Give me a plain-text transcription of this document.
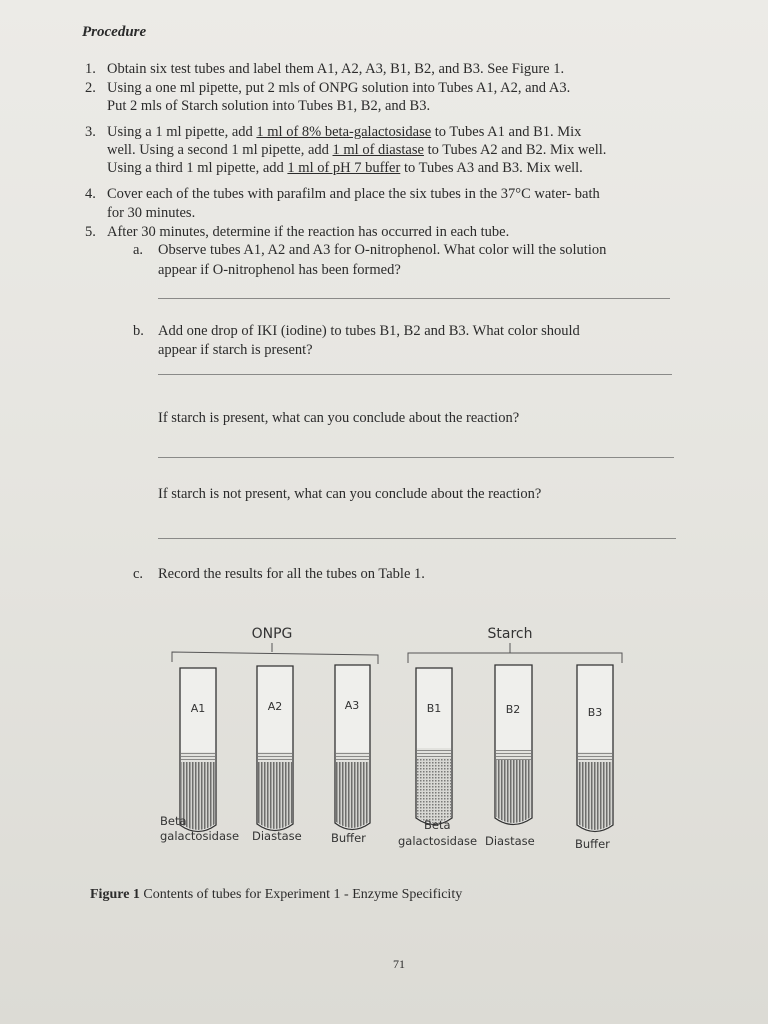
Procedure
1. Obtain six test tubes and label them A1, A2, A3, B1, B2, and B3. See Figure 1.
2. Using a one ml pipette, put 2 mls of ONPG solution into Tubes A1, A2, and A3.
Put 2 mls of Starch solution into Tubes B1, B2, and B3.
3. Using a 1 ml pipette, add 1 ml of 8% beta-galactosidase to Tubes A1 and B1. Mix
well. Using a second 1 ml pipette, add 1 ml of diastase to Tubes A2 and B2. Mix well.
Using a third 1 ml pipette, add 1 ml of pH 7 buffer to Tubes A3 and B3. Mix well.
4. Cover each of the tubes with parafilm and place the six tubes in the 37°C water- bath
for 30 minutes.
5. After 30 minutes, determine if the reaction has occurred in each tube.
a. Observe tubes A1, A2 and A3 for O-nitrophenol. What color will the solution
appear if O-nitrophenol has been formed?
b. Add one drop of IKI (iodine) to tubes B1, B2 and B3. What color should
appear if starch is present?
If starch is present, what can you conclude about the reaction?
If starch is not present, what can you conclude about the reaction?
c. Record the results for all the tubes on Table 1.
ONPG	Starch
A1	A2	A3	B1	B2	B3
Beta
galactosidase Diastase	Buffer
Beta
galactosidase Diastase	Buffer
Figure 1 Contents of tubes for Experiment 1 - Enzyme Specificity
71
